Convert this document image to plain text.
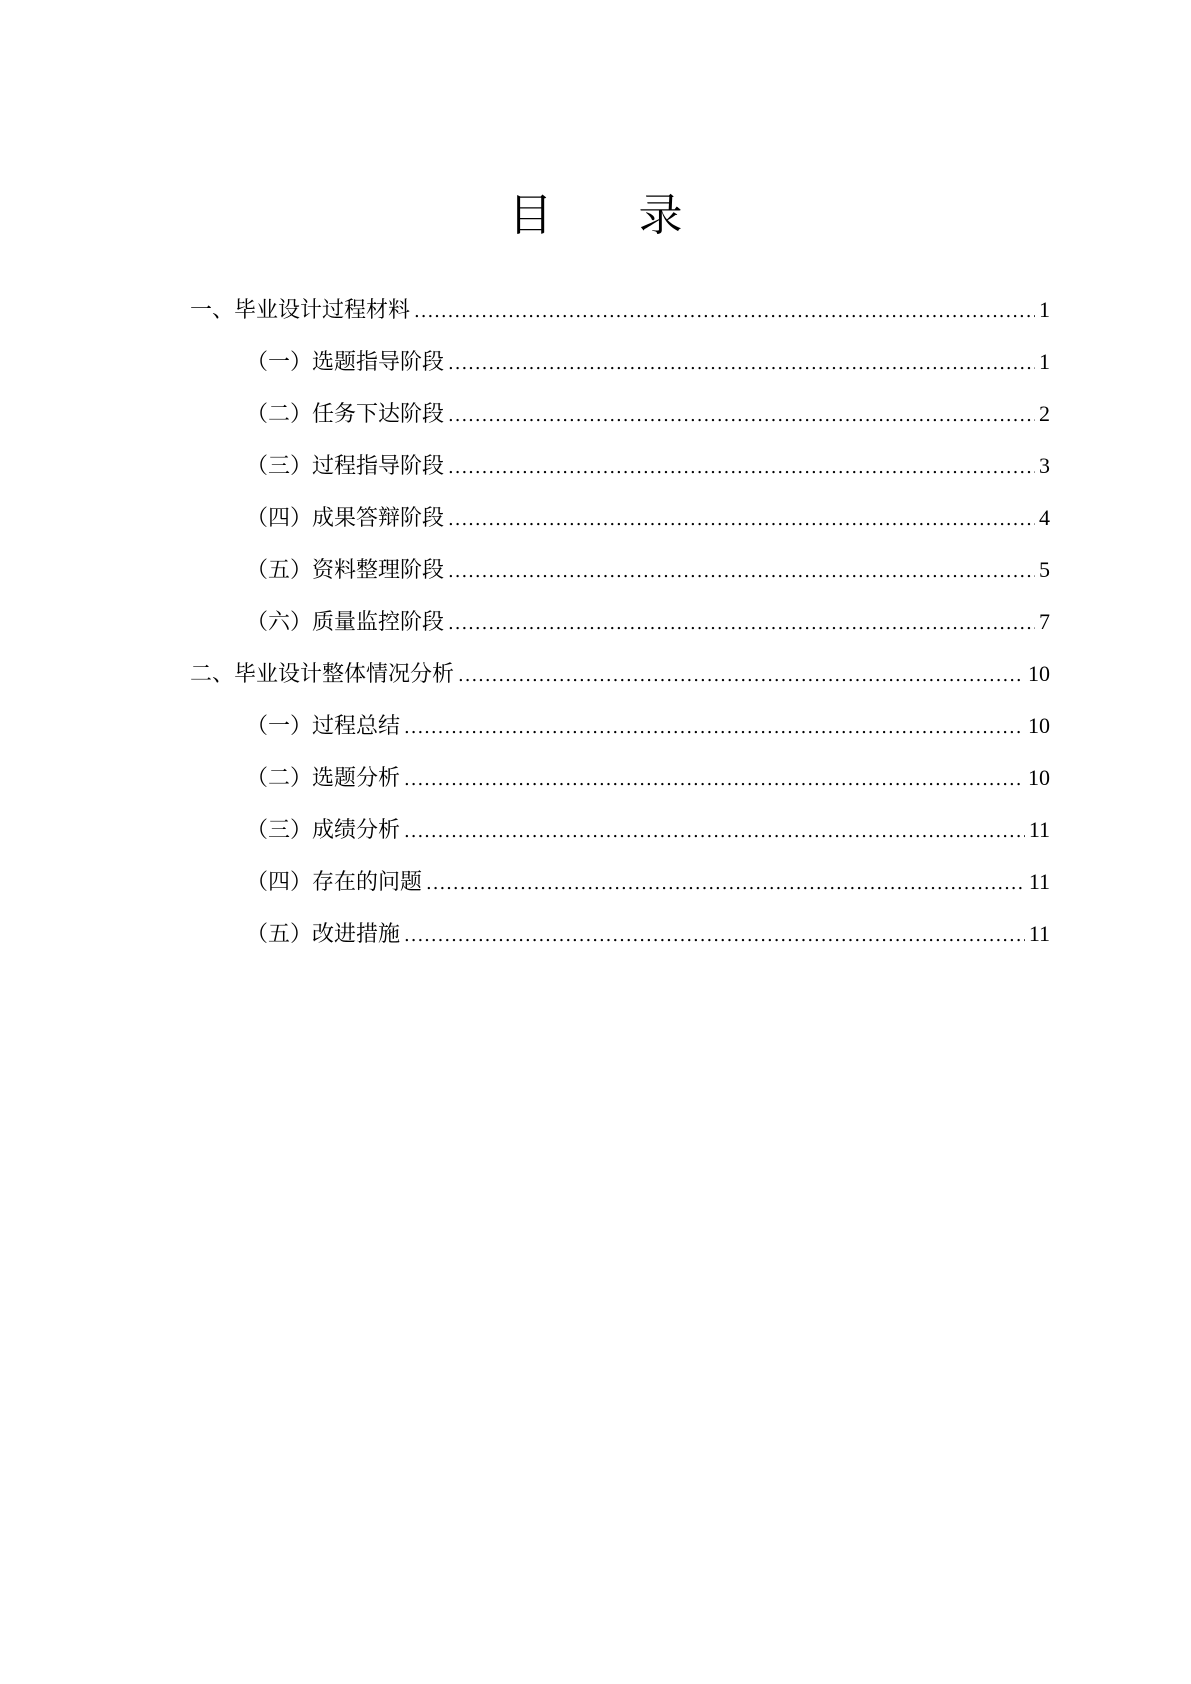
目 录
一、毕业设计过程材料 .....	1
（一）选题指导阶段 .....	1
（二）任务下达阶段 .....	2
（三）过程指导阶段 .....	3
（四）成果答辩阶段 .....	4
（五）资料整理阶段 .....	5
（六）质量监控阶段 .....	7
二、毕业设计整体情况分析 .....	10
（一）过程总结 .....	10
（二）选题分析 .....	10
（三）成绩分析 .....	11
（四）存在的问题 .....	11
（五）改进措施 .....	11
